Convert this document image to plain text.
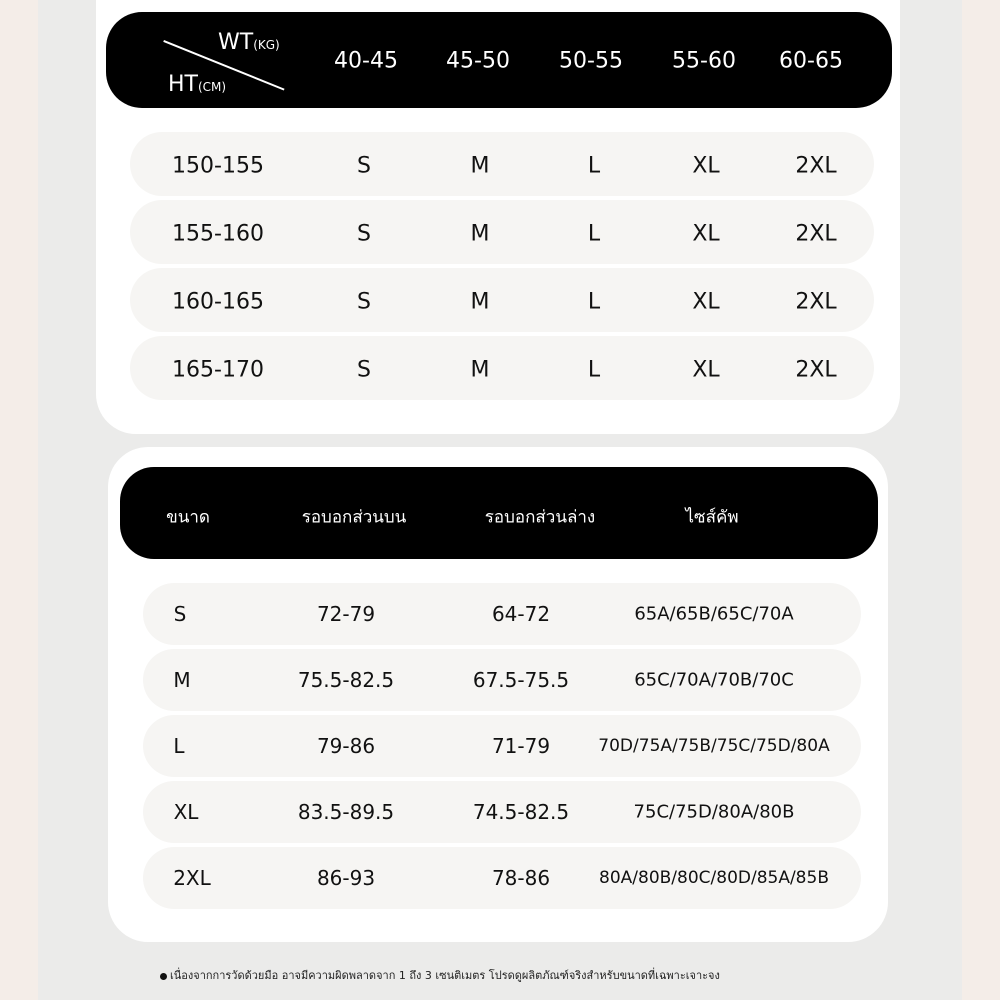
WT(KG)
HT(CM)
40-45 45-50 50-55 55-60 60-65
150-155	S	M	L	XL	2XL
155-160	S	M	L	XL	2XL
160-165	S	M	L	XL	2XL
165-170	S	M	L	XL	2XL
ขนาด	รอบอกส่วนบน	รอบอกส่วนล่าง	ไซส์คัพ
S	72-79	64-72	65A/65B/65C/70A
M	75.5-82.5	67.5-75.5	65C/70A/70B/70C
L	79-86	71-79	70D/75A/75B/75C/75D/80A
XL	83.5-89.5	74.5-82.5	75C/75D/80A/80B
2XL	86-93	78-86	80A/80B/80C/80D/85A/85B
เนื่องจากการวัดด้วยมือ อาจมีความผิดพลาดจาก 1 ถึง 3 เซนติเมตร โปรดดูผลิตภัณฑ์จริงสำหรับขนาดที่เฉพาะเจาะจง
